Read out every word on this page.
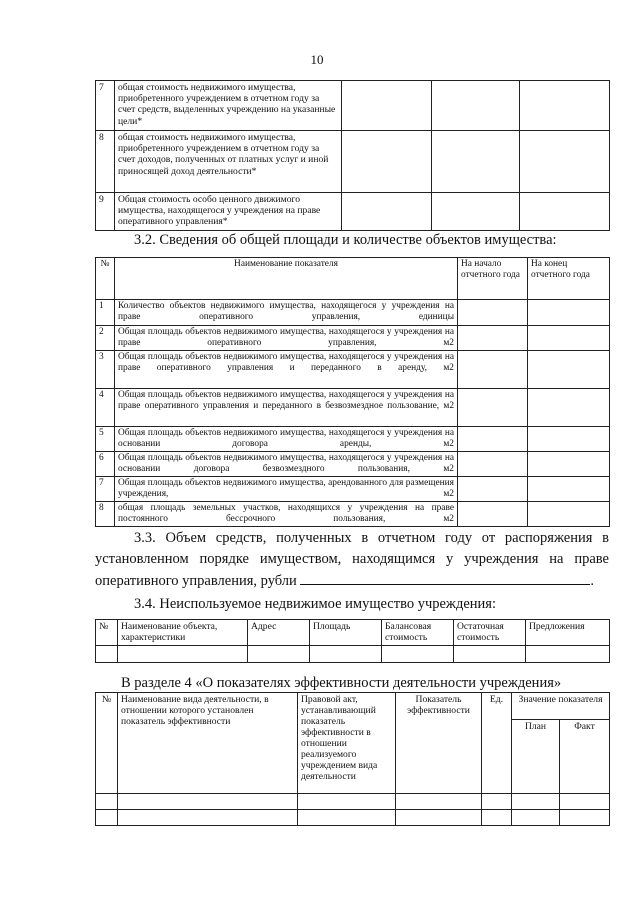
10
7	общая стоимость недвижимого имущества, приобретенного учреждением в отчетном году за счет средств, выделенных учреждению на указанные цели*			
8	общая стоимость недвижимого имущества, приобретенного учреждением в отчетном году за счет доходов, полученных от платных услуг и иной приносящей доход деятельности*			
9	Общая стоимость особо ценного движимого имущества, находящегося у учреждения на праве оперативного управления*			
3.2. Сведения об общей площади и количестве объектов имущества:
№	Наименование показателя	На начало отчетного года	На конец отчетного года
1	Количество объектов недвижимого имущества, находящегося у учреждения на праве оперативного управления, единицы		
2	Общая площадь объектов недвижимого имущества, находящегося у учреждения на праве оперативного управления, м2		
3	Общая площадь объектов недвижимого имущества, находящегося у учреждения на праве оперативного управления и переданного в аренду, м2		
4	Общая площадь объектов недвижимого имущества, находящегося у учреждения на праве оперативного управления и переданного в безвозмездное пользование, м2		
5	Общая площадь объектов недвижимого имущества, находящегося у учреждения на основании договора аренды, м2		
6	Общая площадь объектов недвижимого имущества, находящегося у учреждения на основании договора безвозмездного пользования, м2		
7	Общая площадь объектов недвижимого имущества, арендованного для размещения учреждения, м2		
8	общая площадь земельных участков, находящихся у учреждения на праве постоянного бессрочного пользования, м2		
3.3. Объем средств, полученных в отчетном году от распоряжения в
установленном порядке имуществом, находящимся у учреждения на праве
оперативного управления, рубли	.
3.4. Неиспользуемое недвижимое имущество учреждения:
№	Наименование объекта, характеристики	Адрес	Площадь	Балансовая стоимость	Остаточная стоимость	Предложения

В разделе 4 «О показателях эффективности деятельности учреждения»
№	Наименование вида деятельности, в отношении которого установлен показатель эффективности	Правовой акт, устанавливающий показатель эффективности в отношении реализуемого учреждением вида деятельности	Показатель эффективности	Ед.	Значение показателя	
					План	Факт
